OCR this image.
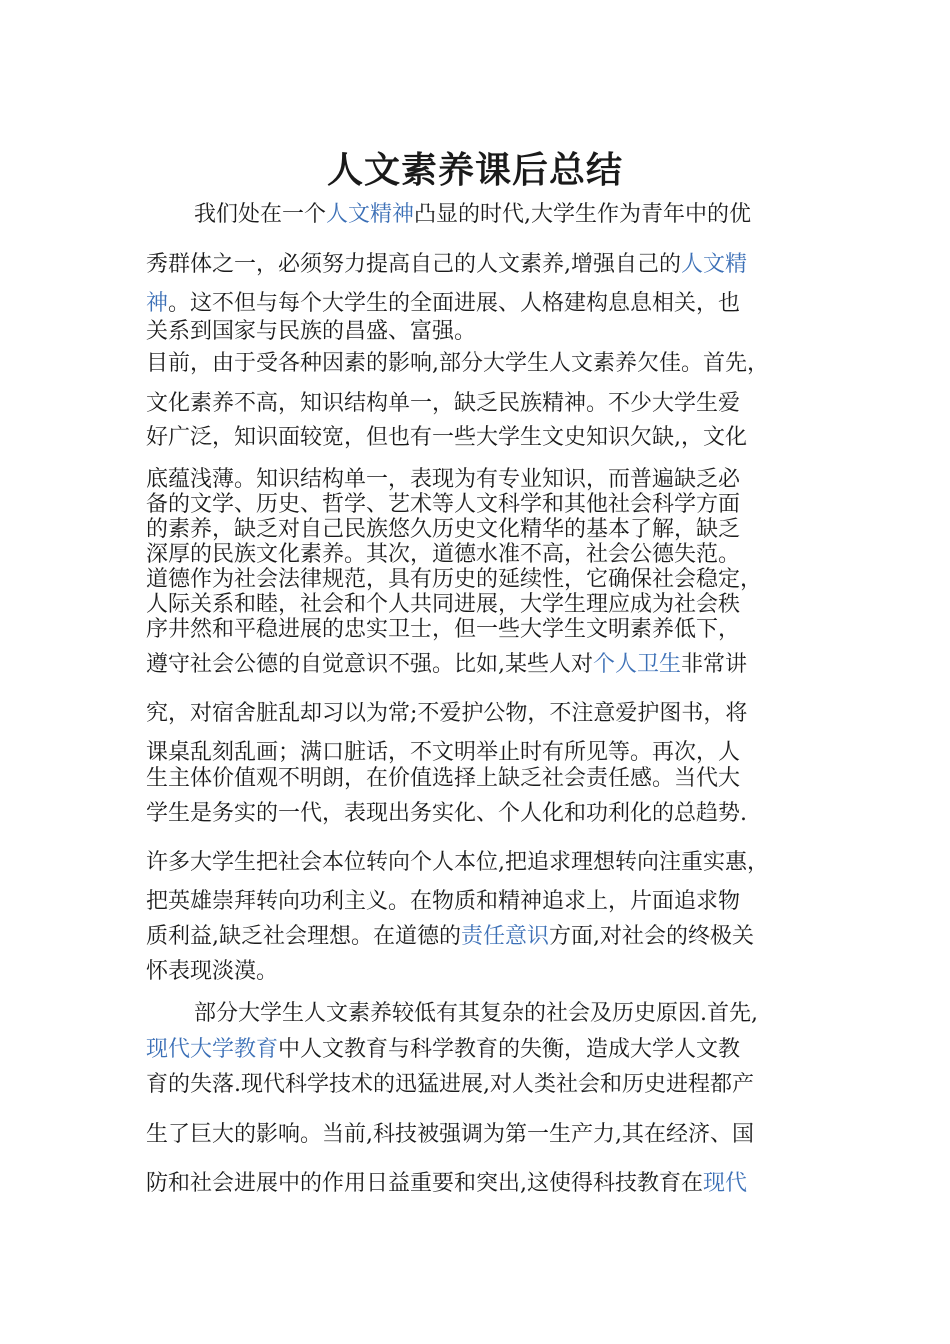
人文素养课后总结

我们处在一个人文精神凸显的时代,大学生作为青年中的优

秀群体之一，必须努力提高自己的人文素养,增强自己的人文精

神。这不但与每个大学生的全面进展、人格建构息息相关，也

关系到国家与民族的昌盛、富强。

目前，由于受各种因素的影响,部分大学生人文素养欠佳。首先，

文化素养不高，知识结构单一，缺乏民族精神。不少大学生爱

好广泛，知识面较宽，但也有一些大学生文史知识欠缺,，文化

底蕴浅薄。知识结构单一，表现为有专业知识，而普遍缺乏必

备的文学、历史、哲学、艺术等人文科学和其他社会科学方面

的素养，缺乏对自己民族悠久历史文化精华的基本了解，缺乏

深厚的民族文化素养。其次，道德水准不高，社会公德失范。

道德作为社会法律规范，具有历史的延续性，它确保社会稳定，

人际关系和睦，社会和个人共同进展，大学生理应成为社会秩

序井然和平稳进展的忠实卫士，但一些大学生文明素养低下，

遵守社会公德的自觉意识不强。比如,某些人对个人卫生非常讲

究，对宿舍脏乱却习以为常;不爱护公物，不注意爱护图书，将

课桌乱刻乱画；满口脏话，不文明举止时有所见等。再次，人

生主体价值观不明朗，在价值选择上缺乏社会责任感。当代大

学生是务实的一代，表现出务实化、个人化和功利化的总趋势.

许多大学生把社会本位转向个人本位,把追求理想转向注重实惠，

把英雄崇拜转向功利主义。在物质和精神追求上，片面追求物

质利益,缺乏社会理想。在道德的责任意识方面,对社会的终极关

怀表现淡漠。

部分大学生人文素养较低有其复杂的社会及历史原因.首先,

现代大学教育中人文教育与科学教育的失衡，造成大学人文教

育的失落.现代科学技术的迅猛进展,对人类社会和历史进程都产

生了巨大的影响。当前,科技被强调为第一生产力,其在经济、国

防和社会进展中的作用日益重要和突出,这使得科技教育在现代
